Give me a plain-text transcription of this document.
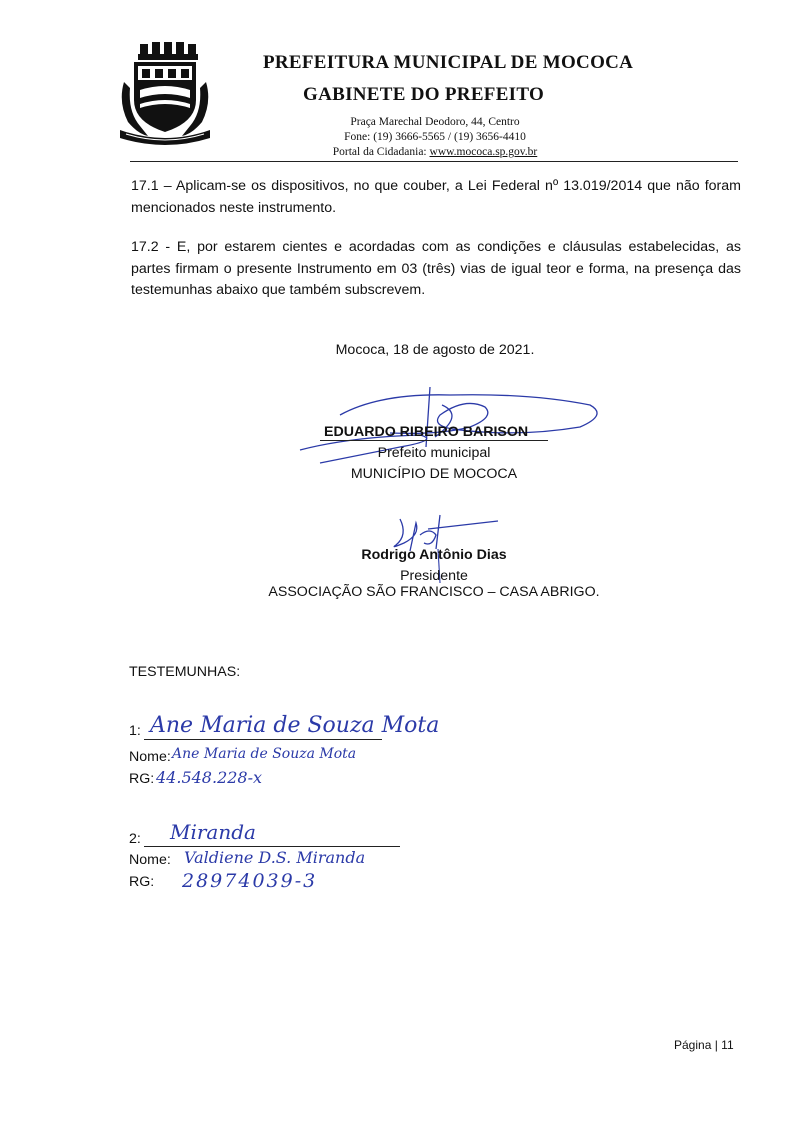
PREFEITURA MUNICIPAL DE MOCOCA
GABINETE DO PREFEITO
Praça Marechal Deodoro, 44, Centro
Fone: (19) 3666-5565 / (19) 3656-4410
Portal da Cidadania: www.mococa.sp.gov.br
17.1 – Aplicam-se os dispositivos, no que couber, a Lei Federal nº 13.019/2014 que não foram mencionados neste instrumento.
17.2 - E, por estarem cientes e acordadas com as condições e cláusulas estabelecidas, as partes firmam o presente Instrumento em 03 (três) vias de igual teor e forma, na presença das testemunhas abaixo que também subscrevem.
Mococa, 18 de agosto de 2021.
EDUARDO RIBEIRO BARISON
Prefeito municipal
MUNICÍPIO DE MOCOCA
Rodrigo Antônio Dias
Presidente
ASSOCIAÇÃO SÃO FRANCISCO – CASA ABRIGO.
TESTEMUNHAS:
1: Ane Maria de Souza Mota
Nome: Ane Maria de Souza Mota
RG: 44.548.228-x
2: Miranda
Nome: Valdiene D.S. Miranda
RG: 28974039-3
Página | 11
